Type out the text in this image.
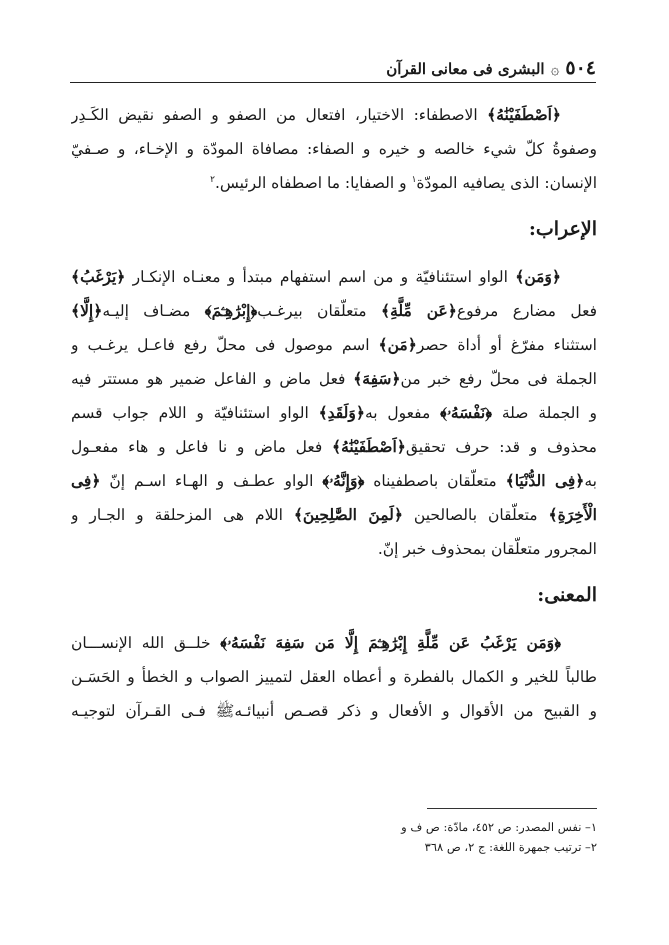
٥٠٤
۞
البشرى فى معانى القرآن

﴿اَصْطَفَيْنَٰهُ﴾ الاصطفاء: الاختيار، افتعال من الصفو و الصفو نقيض الكَـدِر

وصفوةُ كلّ شيء خالصه و خيره و الصفاء: مصافاة المودّة و الإخـاء، و صـفيّ

الإنسان: الذى يصافيه المودّة$^١$ و الصفايا: ما اصطفاه الرئيس.$^٢$

الإعراب:

﴿وَمَن﴾ الواو استئنافيّة و من اسم استفهام مبتدأ و معنـاه الإنكـار ﴿يَرْغَبُ﴾

فعل مضارع مرفوع﴿عَن مِّلَّةِ﴾ متعلّقان بيرغـب﴿إِبْرَٰهِـۧمَ﴾ مضـاف إليـه﴿إِلَّا﴾

استثناء مفرّغ أو أداة حصر﴿مَن﴾ اسم موصول فى محلّ رفع فاعـل يرغـب و

الجملة فى محلّ رفع خبر من﴿سَفِهَ﴾ فعل ماض و الفاعل ضمير هو مستتر فيه

و الجملة صلة ﴿نَفْسَهُۥ﴾ مفعول به﴿وَلَقَدِ﴾ الواو استئنافيّة و اللام جواب قسم

محذوف و قد: حرف تحقيق﴿اَصْطَفَيْنَٰهُ﴾ فعل ماض و نا فاعل و هاء مفعـول

به﴿فِى الدُّنْيَا﴾ متعلّقان باصطفيناه ﴿وَإِنَّهُۥ﴾ الواو عطـف و الهـاء اسـم إنّ ﴿فِى

الْأَخِرَةِ﴾ متعلّقان بالصالحين ﴿لَمِنَ الصَّٰلِحِينَ﴾ اللام هى المزحلقة و الجـار و

المجرور متعلّقان بمحذوف خبر إنّ.

المعنى:

﴿وَمَن يَرْغَبُ عَن مِّلَّةِ إِبْرَٰهِـۧمَ إِلَّا مَن سَفِهَ نَفْسَهُۥ﴾ خلــق الله الإنســـان

طالباً للخير و الكمال بالفطرة و أعطاه العقل لتمييز الصواب و الخطأ و الحَسَـن

و القبيح من الأقوال و الأفعال و ذكر قصـص أنبيائـهﷺ فـى القـرآن لتوجيـه

١– نفس المصدر: ص ٤٥٢، مادّة: ص ف و

٢– ترتيب جمهرة اللغة: ج ٢، ص ٣٦٨
